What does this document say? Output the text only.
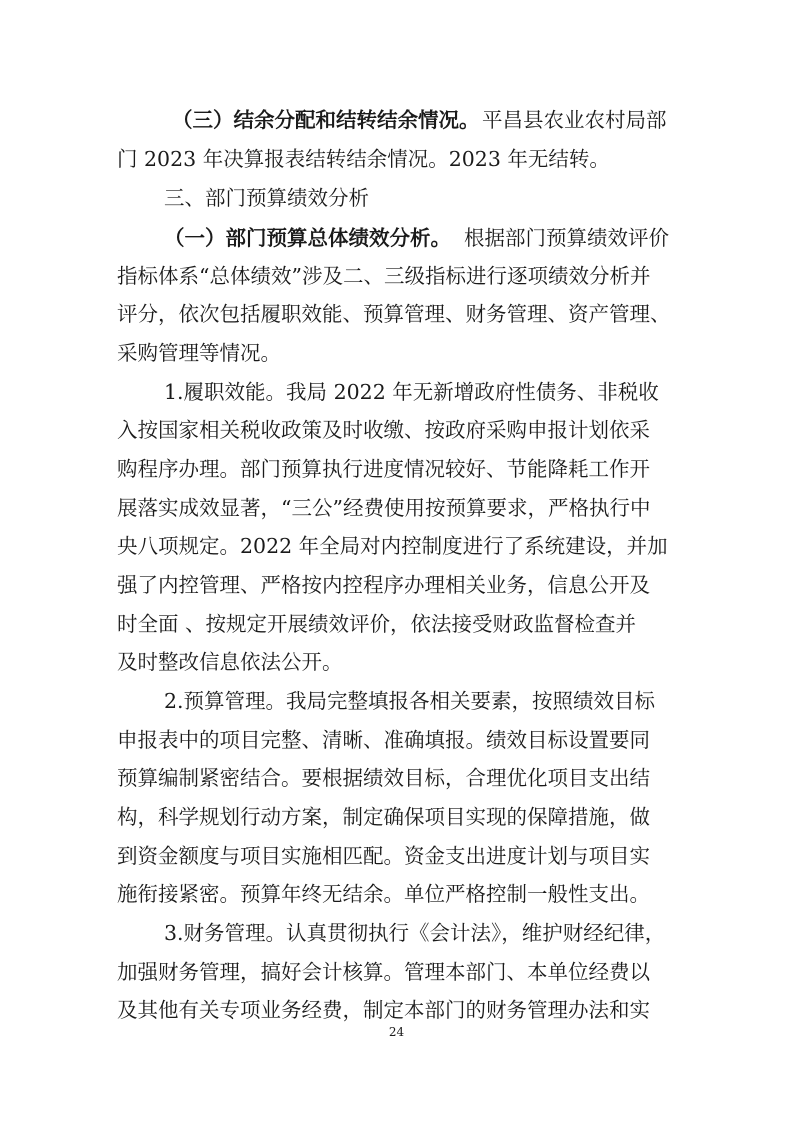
（三）结余分配和结转结余情况。 平昌县农业农村局部
门 2023 年决算报表结转结余情况。2023 年无结转。
三、部门预算绩效分析
（一）部门预算总体绩效分析。 根据部门预算绩效评价
指标体系“总体绩效”涉及二、三级指标进行逐项绩效分析并
评分，依次包括履职效能、预算管理、财务管理、资产管理、
采购管理等情况。
1.履职效能。我局 2022 年无新增政府性债务、非税收
入按国家相关税收政策及时收缴、按政府采购申报计划依采
购程序办理。部门预算执行进度情况较好、节能降耗工作开
展落实成效显著，“三公”经费使用按预算要求，严格执行中
央八项规定。2022 年全局对内控制度进行了系统建设，并加
强了内控管理、严格按内控程序办理相关业务，信息公开及
时全面 、按规定开展绩效评价，依法接受财政监督检查并
及时整改信息依法公开。
2.预算管理。我局完整填报各相关要素，按照绩效目标
申报表中的项目完整、清晰、准确填报。绩效目标设置要同
预算编制紧密结合。要根据绩效目标，合理优化项目支出结
构，科学规划行动方案，制定确保项目实现的保障措施，做
到资金额度与项目实施相匹配。资金支出进度计划与项目实
施衔接紧密。预算年终无结余。单位严格控制一般性支出。
3.财务管理。认真贯彻执行《会计法》，维护财经纪律，
加强财务管理，搞好会计核算。管理本部门、本单位经费以
及其他有关专项业务经费，制定本部门的财务管理办法和实
24
